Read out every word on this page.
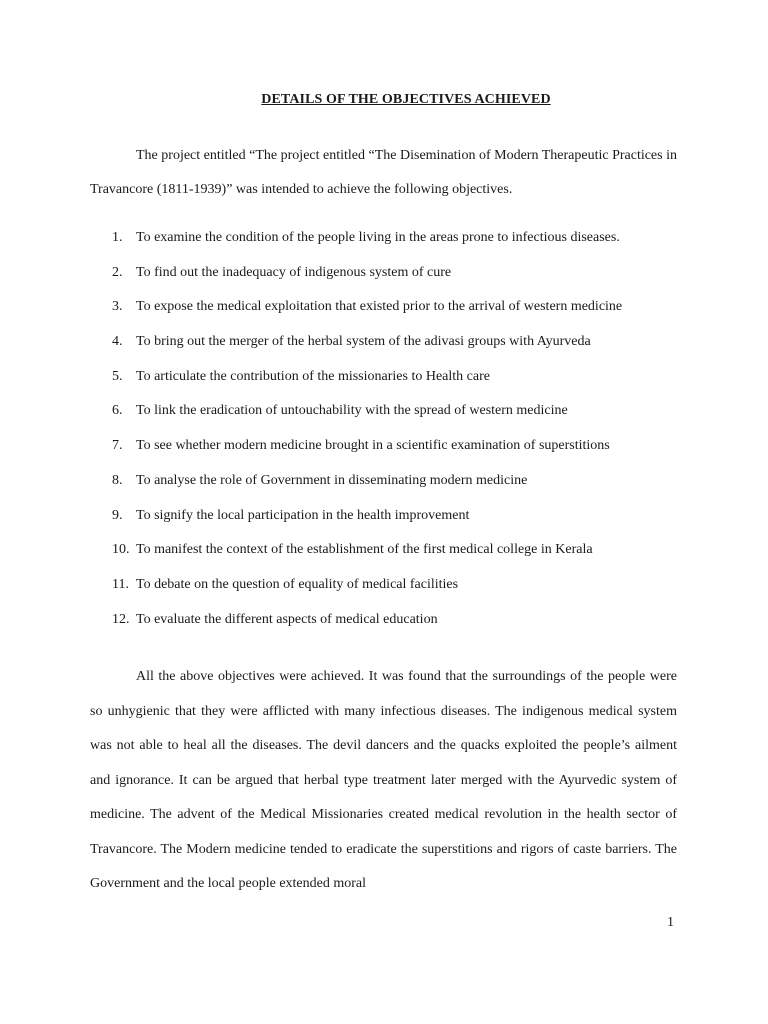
DETAILS OF THE OBJECTIVES ACHIEVED

The project entitled “The project entitled “The Disemination of Modern Therapeutic Practices in Travancore (1811-1939)” was intended to achieve the following objectives.

1. To examine the condition of the people living in the areas prone to infectious diseases.
2. To find out the inadequacy of indigenous system of cure
3. To expose the medical exploitation that existed prior to the arrival of western medicine
4. To bring out the merger of the herbal system of the adivasi groups with Ayurveda
5. To articulate the contribution of the missionaries to Health care
6. To link the eradication of untouchability with the spread of western medicine
7. To see whether modern medicine brought in a scientific examination of superstitions
8. To analyse the role of Government in disseminating modern medicine
9. To signify the local participation in the health improvement
10. To manifest the context of the establishment of the first medical college in Kerala
11. To debate on the question of equality of medical facilities
12. To evaluate the different aspects of medical education

All the above objectives were achieved. It was found that the surroundings of the people were so unhygienic that they were afflicted with many infectious diseases. The indigenous medical system was not able to heal all the diseases. The devil dancers and the quacks exploited the people’s ailment and ignorance. It can be argued that herbal type treatment later merged with the Ayurvedic system of medicine. The advent of the Medical Missionaries created medical revolution in the health sector of Travancore. The Modern medicine tended to eradicate the superstitions and rigors of caste barriers. The Government and the local people extended moral

1
